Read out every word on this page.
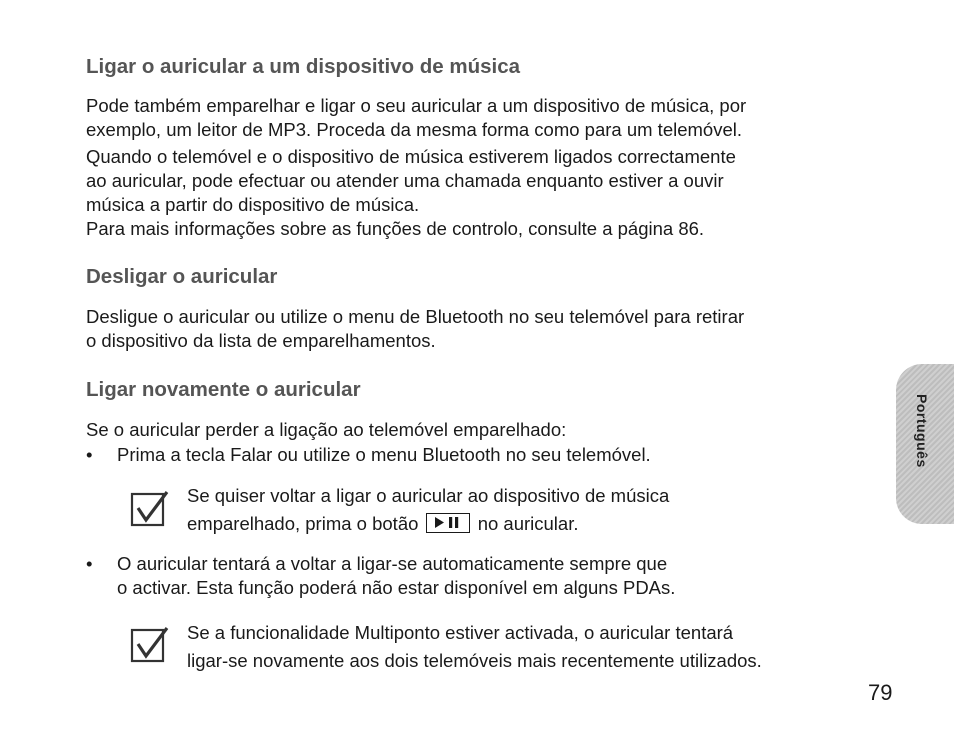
Ligar o auricular a um dispositivo de música
Pode também emparelhar e ligar o seu auricular a um dispositivo de música, por
exemplo, um leitor de MP3. Proceda da mesma forma como para um telemóvel.
Quando o telemóvel e o dispositivo de música estiverem ligados correctamente
ao auricular, pode efectuar ou atender uma chamada enquanto estiver a ouvir
música a partir do dispositivo de música.
Para mais informações sobre as funções de controlo, consulte a página 86.
Desligar o auricular
Desligue o auricular ou utilize o menu de Bluetooth no seu telemóvel para retirar
o dispositivo da lista de emparelhamentos.
Ligar novamente o auricular
Se o auricular perder a ligação ao telemóvel emparelhado:
• Prima a tecla Falar ou utilize o menu Bluetooth no seu telemóvel.
Se quiser voltar a ligar o auricular ao dispositivo de música
emparelhado, prima o botão	no auricular.
• O auricular tentará a voltar a ligar-se automaticamente sempre que
o activar. Esta função poderá não estar disponível em alguns PDAs.
Se a funcionalidade Multiponto estiver activada, o auricular tentará
ligar-se novamente aos dois telemóveis mais recentemente utilizados.
Português
79
